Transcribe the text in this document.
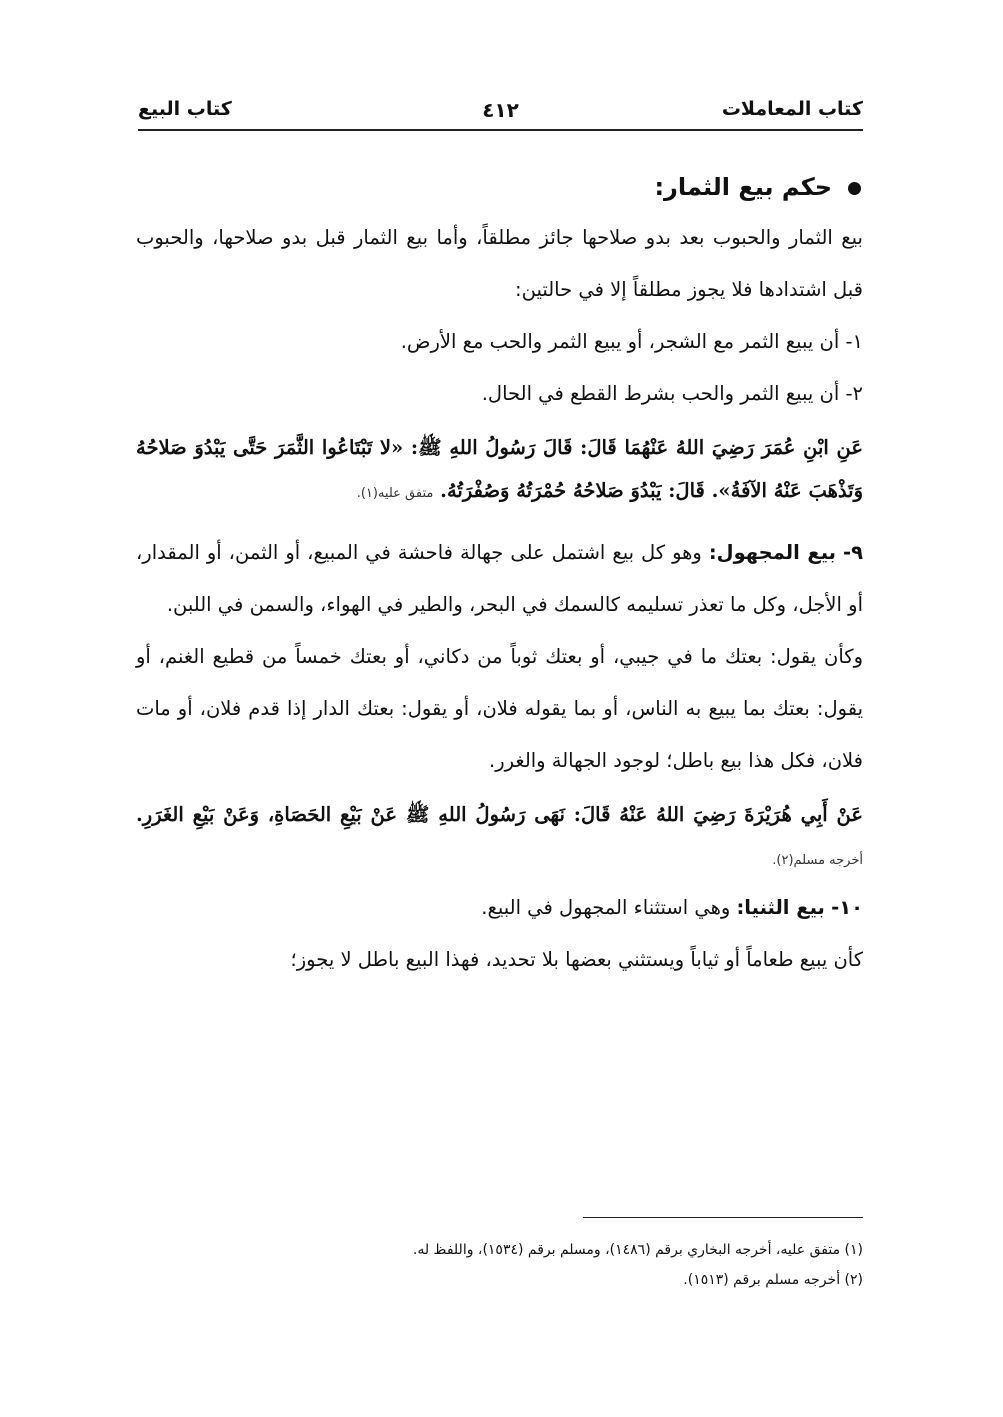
كتاب المعاملات
٤١٢
كتاب البيع
حكم بيع الثمار:
بيع الثمار والحبوب بعد بدو صلاحها جائز مطلقاً، وأما بيع الثمار قبل بدو صلاحها، والحبوب قبل اشتدادها فلا يجوز مطلقاً إلا في حالتين:
١- أن يبيع الثمر مع الشجر، أو يبيع الثمر والحب مع الأرض.
٢- أن يبيع الثمر والحب بشرط القطع في الحال.
عَنِ ابْنِ عُمَرَ رَضِيَ اللهُ عَنْهُمَا قَالَ: قَالَ رَسُولُ اللهِ ﷺ: «لا تَبْتَاعُوا الثَّمَرَ حَتَّى يَبْدُوَ صَلاحُهُ وَتَذْهَبَ عَنْهُ الآفَةُ». قَالَ: يَبْدُوَ صَلاحُهُ حُمْرَتُهُ وَصُفْرَتُهُ. متفق عليه(١).
٩- بيع المجهول: وهو كل بيع اشتمل على جهالة فاحشة في المبيع، أو الثمن، أو المقدار، أو الأجل، وكل ما تعذر تسليمه كالسمك في البحر، والطير في الهواء، والسمن في اللبن.
وكأن يقول: بعتك ما في جيبي، أو بعتك ثوباً من دكاني، أو بعتك خمساً من قطيع الغنم، أو يقول: بعتك بما يبيع به الناس، أو بما يقوله فلان، أو يقول: بعتك الدار إذا قدم فلان، أو مات فلان، فكل هذا بيع باطل؛ لوجود الجهالة والغرر.
عَنْ أَبِي هُرَيْرَةَ رَضِيَ اللهُ عَنْهُ قَالَ: نَهَى رَسُولُ اللهِ ﷺ عَنْ بَيْعِ الحَصَاةِ، وَعَنْ بَيْعِ الغَرَرِ. أخرجه مسلم(٢).
١٠- بيع الثنيا: وهي استثناء المجهول في البيع.
كأن يبيع طعاماً أو ثياباً ويستثني بعضها بلا تحديد، فهذا البيع باطل لا يجوز؛
(١) متفق عليه، أخرجه البخاري برقم (١٤٨٦)، ومسلم برقم (١٥٣٤)، واللفظ له.
(٢) أخرجه مسلم برقم (١٥١٣).
